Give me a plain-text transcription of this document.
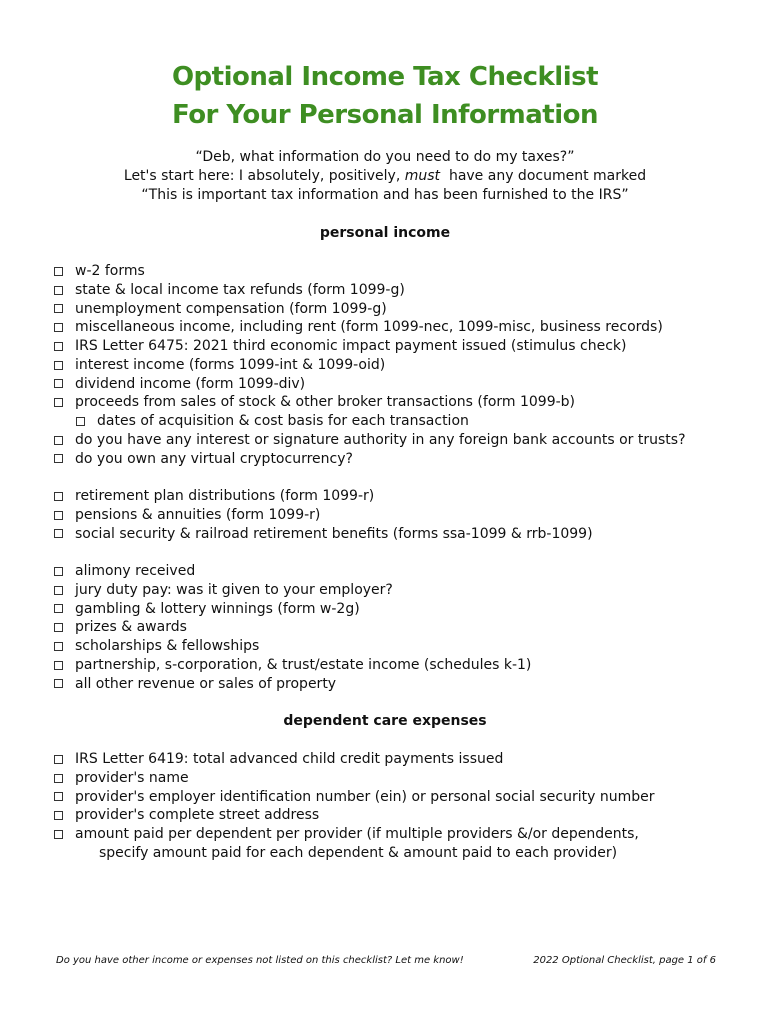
Optional Income Tax Checklist
For Your Personal Information
“Deb, what information do you need to do my taxes?”
Let's start here: I absolutely, positively, must  have any document marked
“This is important tax information and has been furnished to the IRS”
personal income
w-2 forms
state & local income tax refunds (form 1099-g)
unemployment compensation (form 1099-g)
miscellaneous income, including rent (form 1099-nec, 1099-misc, business records)
IRS Letter 6475: 2021 third economic impact payment issued (stimulus check)
interest income (forms 1099-int & 1099-oid)
dividend income (form 1099-div)
proceeds from sales of stock & other broker transactions (form 1099-b)
dates of acquisition & cost basis for each transaction
do you have any interest or signature authority in any foreign bank accounts or trusts?
do you own any virtual cryptocurrency?
retirement plan distributions (form 1099-r)
pensions & annuities (form 1099-r)
social security & railroad retirement benefits (forms ssa-1099 & rrb-1099)
alimony received
jury duty pay: was it given to your employer?
gambling & lottery winnings (form w-2g)
prizes & awards
scholarships & fellowships
partnership, s-corporation, & trust/estate income (schedules k-1)
all other revenue or sales of property
dependent care expenses
IRS Letter 6419: total advanced child credit payments issued
provider's name
provider's employer identification number (ein) or personal social security number
provider's complete street address
amount paid per dependent per provider (if multiple providers &/or dependents,
specify amount paid for each dependent & amount paid to each provider)
Do you have other income or expenses not listed on this checklist? Let me know!	2022 Optional Checklist, page 1 of 6
